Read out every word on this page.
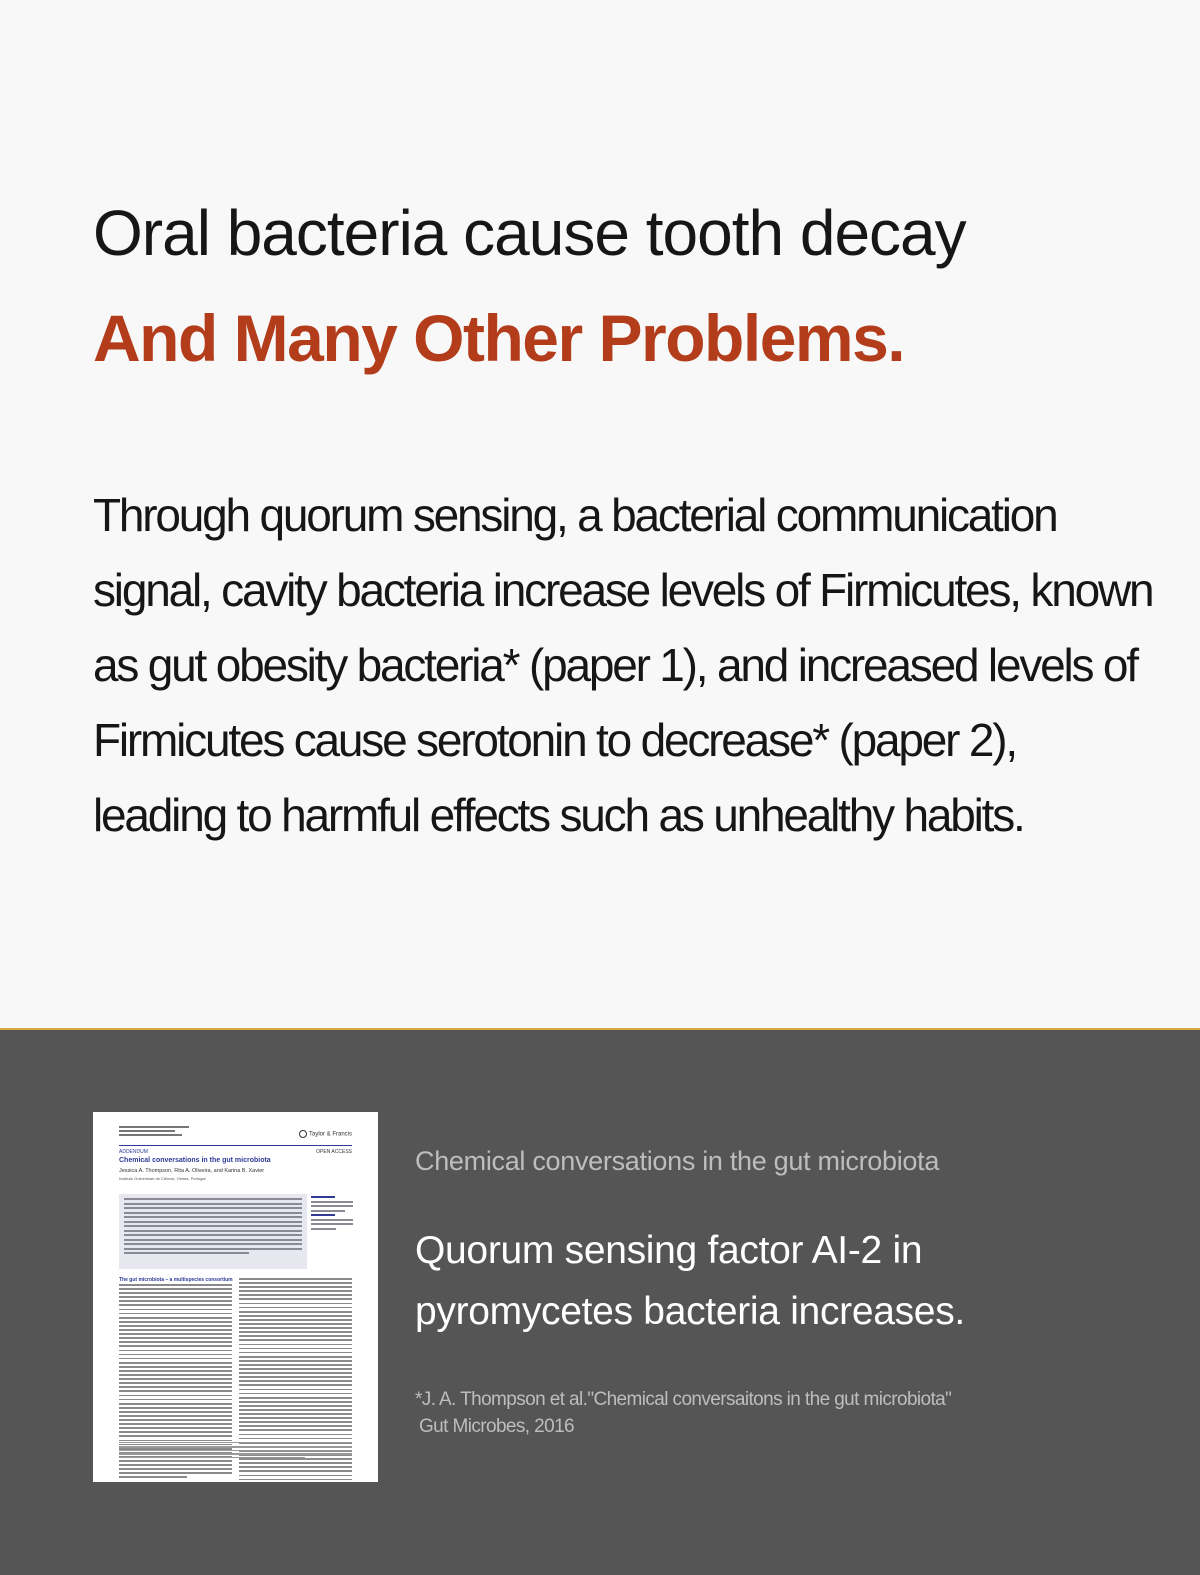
Oral bacteria cause tooth decay
And Many Other Problems.

Through quorum sensing, a bacterial communication signal, cavity bacteria increase levels of Firmicutes, known as gut obesity bacteria* (paper 1), and increased levels of Firmicutes cause serotonin to decrease* (paper 2), leading to harmful effects such as unhealthy habits.

Taylor & Francis
ADDENDUM	OPEN ACCESS
Chemical conversations in the gut microbiota
Jessica A. Thompson, Rita A. Oliveira, and Karina B. Xavier
Instituto Gulbenkian de Ciência, Oeiras, Portugal
The gut microbiota – a multispecies consortium
Chemical conversations in the gut microbiota
Quorum sensing factor AI-2 in pyromycetes bacteria increases.
*J. A. Thompson et al."Chemical conversaitons in the gut microbiota"
Gut Microbes, 2016
